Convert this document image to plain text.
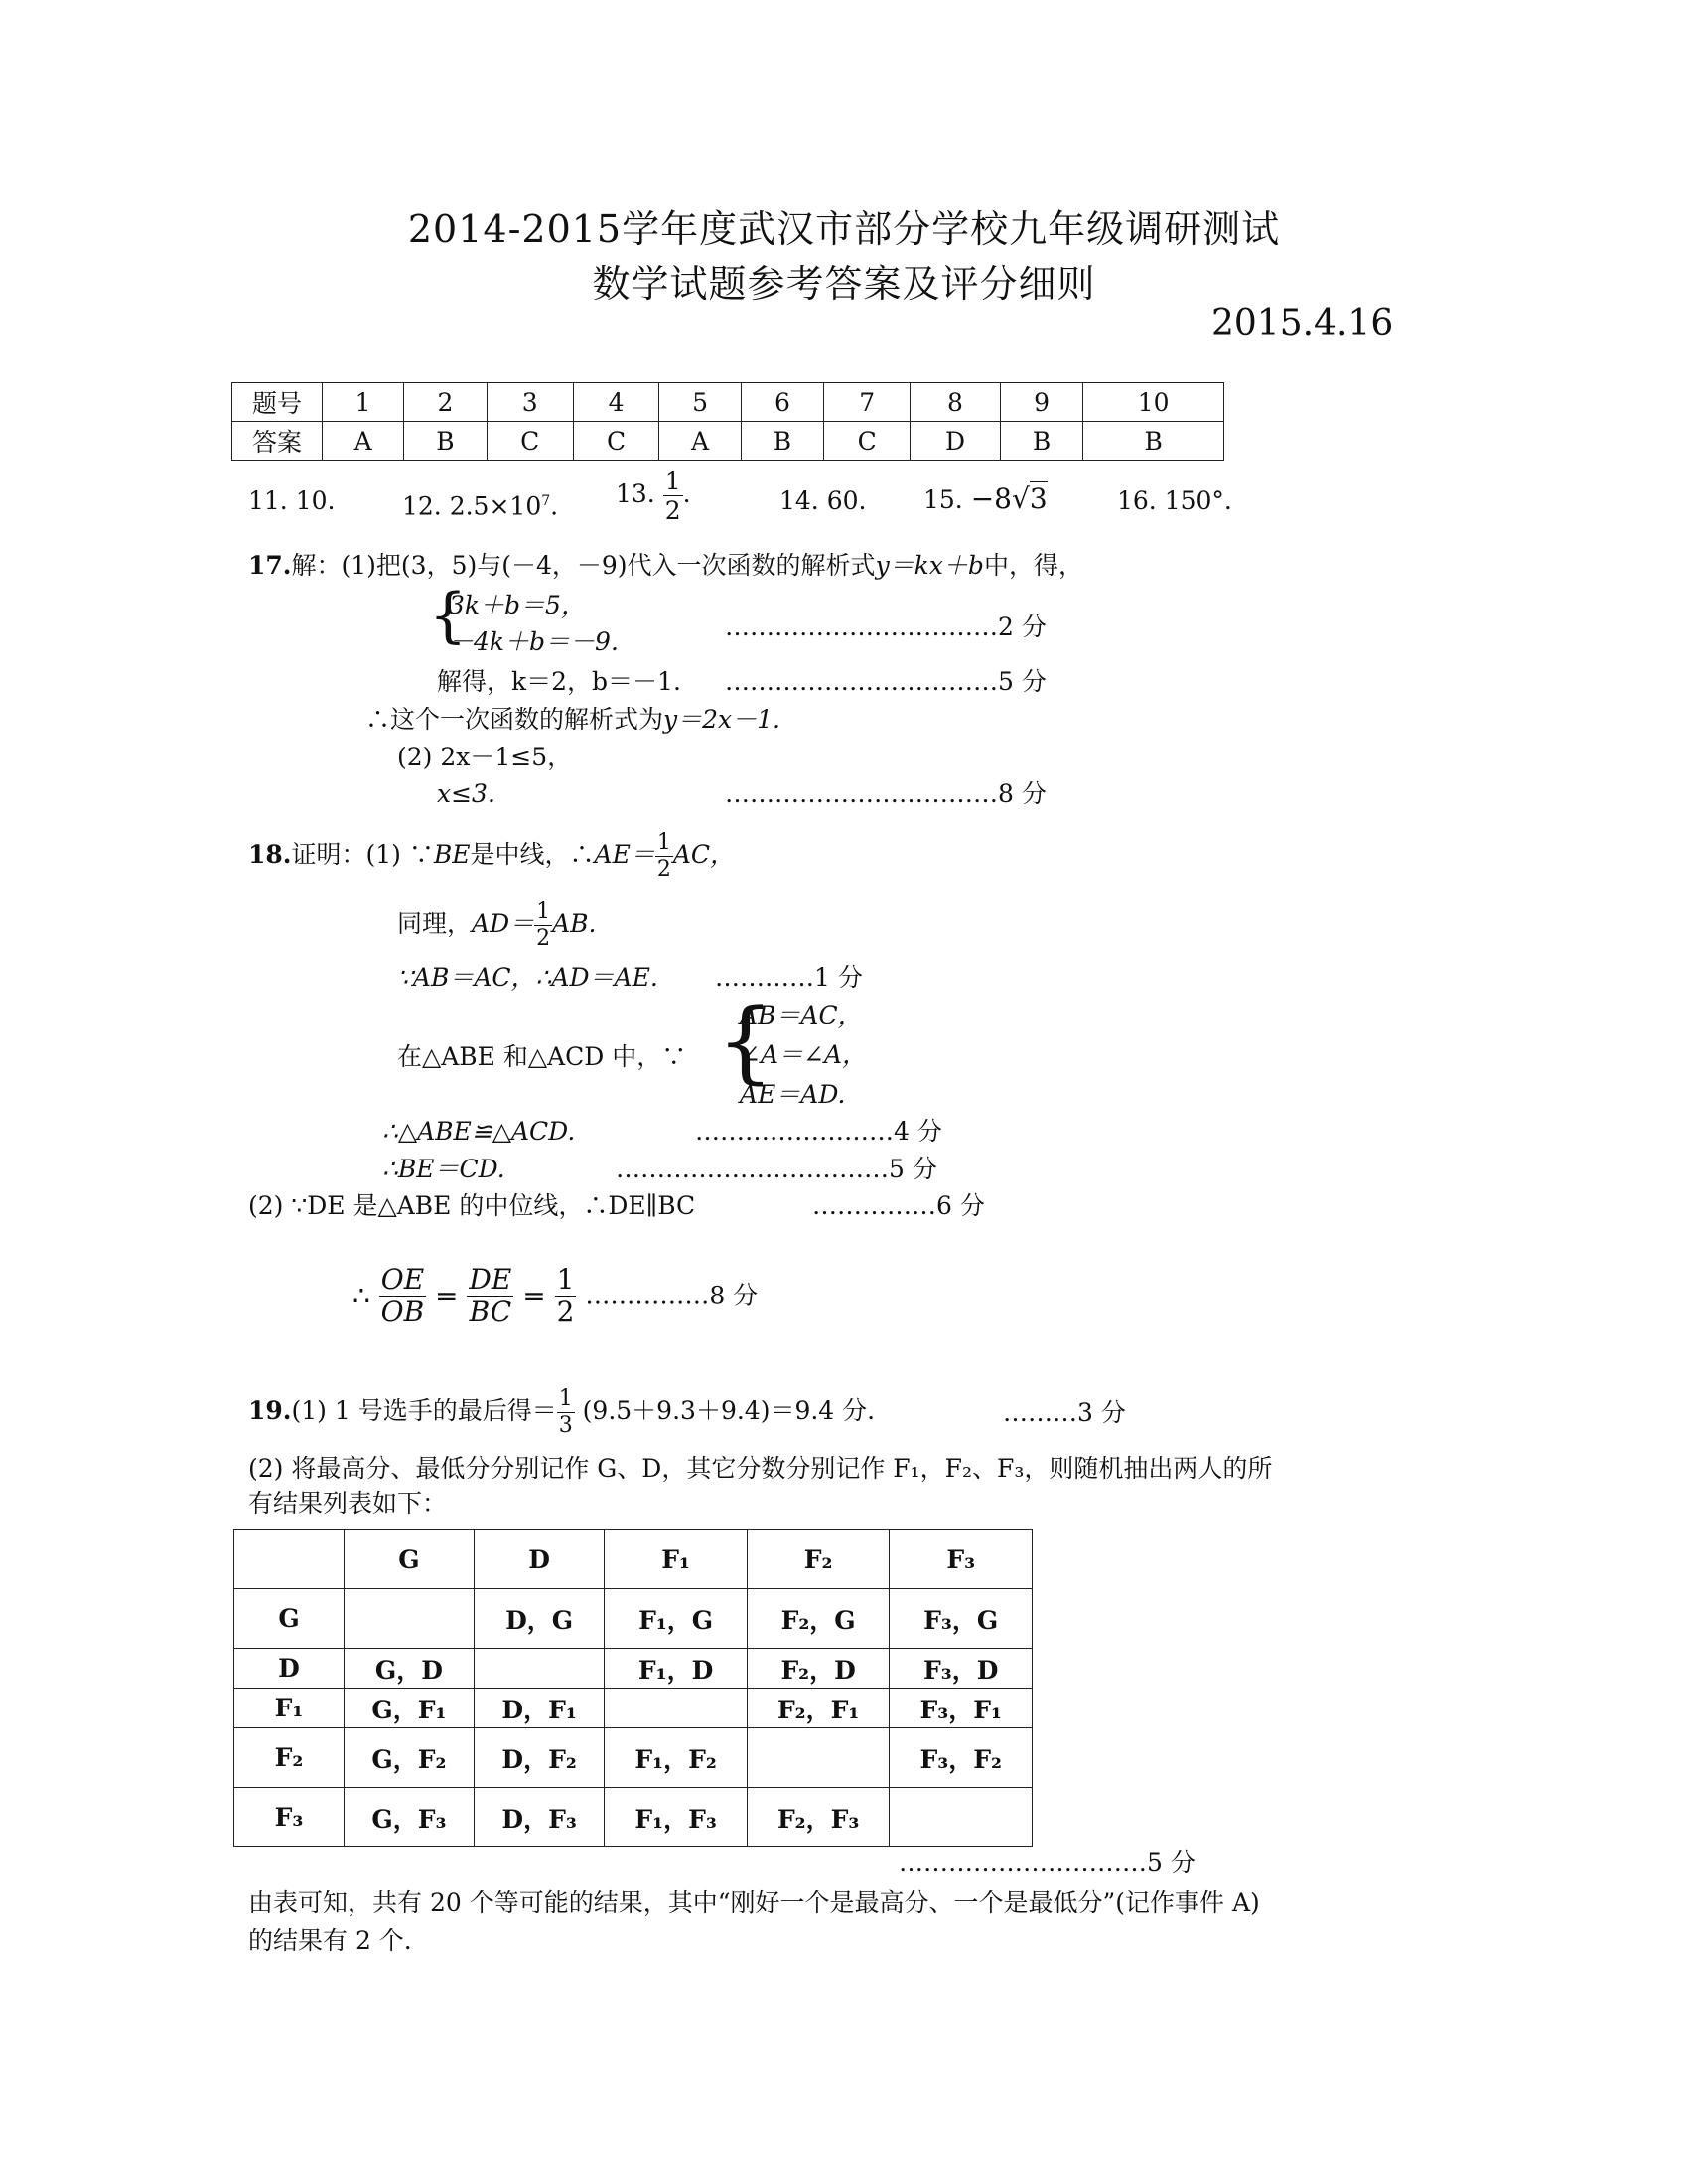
2014-2015学年度武汉市部分学校九年级调研测试
数学试题参考答案及评分细则
2015.4.16
题号	1	2	3	4	5	6	7	8	9	10
答案	A	B	C	C	A	B	C	D	B	B
11. 10.	12. $2.5\times 10^7$. 13. $\frac{1}{2}$ .	14. 60. 15. −8√3	16. 150°.
17.解：(1)把(3，5)与(－4，－9)代入一次函数的解析式y＝kx＋b中，得，
{
3k＋b＝5，
－4k＋b＝－9.
……………………………2 分
解得，k＝2，b＝－1. ……………………………5 分
∴这个一次函数的解析式为y＝2x－1.
(2) 2x－1≤5，
x≤3.	……………………………8 分
18.证明：(1) ∵BE是中线，∴AE＝ $\frac{1}{2}$ AC，
同理，$AD= \frac{1}{2}$ AB.
∵AB＝AC，∴AD＝AE. …………1 分
在△ABE 和△ACD 中，∵ {
AB＝AC，
∠A＝∠A，
AE＝AD.
∴△ABE≌△ACD.	……………………4 分
∴BE＝CD.	……………………………5 分
(2) ∵DE 是△ABE 的中位线，∴DE∥BC	……………6 分
∴ $\frac{OE}{OB} = \frac{DE}{BC} = \frac{1}{2}$ ……………8 分
19.(1) 1 号选手的最后得＝ $\frac{1}{3} (9.5+9.3+9.4)=9.4$ 分.	………3 分
(2) 将最高分、最低分分别记作 G、D，其它分数分别记作 F₁，F₂、F₃，则随机抽出两人的所
有结果列表如下：
	G	D	F₁	F₂	F₃
G		D，G	F₁，G	F₂，G	F₃，G
D	G，D		F₁，D	F₂，D	F₃，D
F₁	G，F₁	D，F₁		F₂，F₁	F₃，F₁
F₂	G，F₂	D，F₂	F₁，F₂		F₃，F₂
F₃	G，F₃	D，F₃	F₁，F₃	F₂，F₃	
…………………………5 分
由表可知，共有 20 个等可能的结果，其中“刚好一个是最高分、一个是最低分”(记作事件 A)
的结果有 2 个.
